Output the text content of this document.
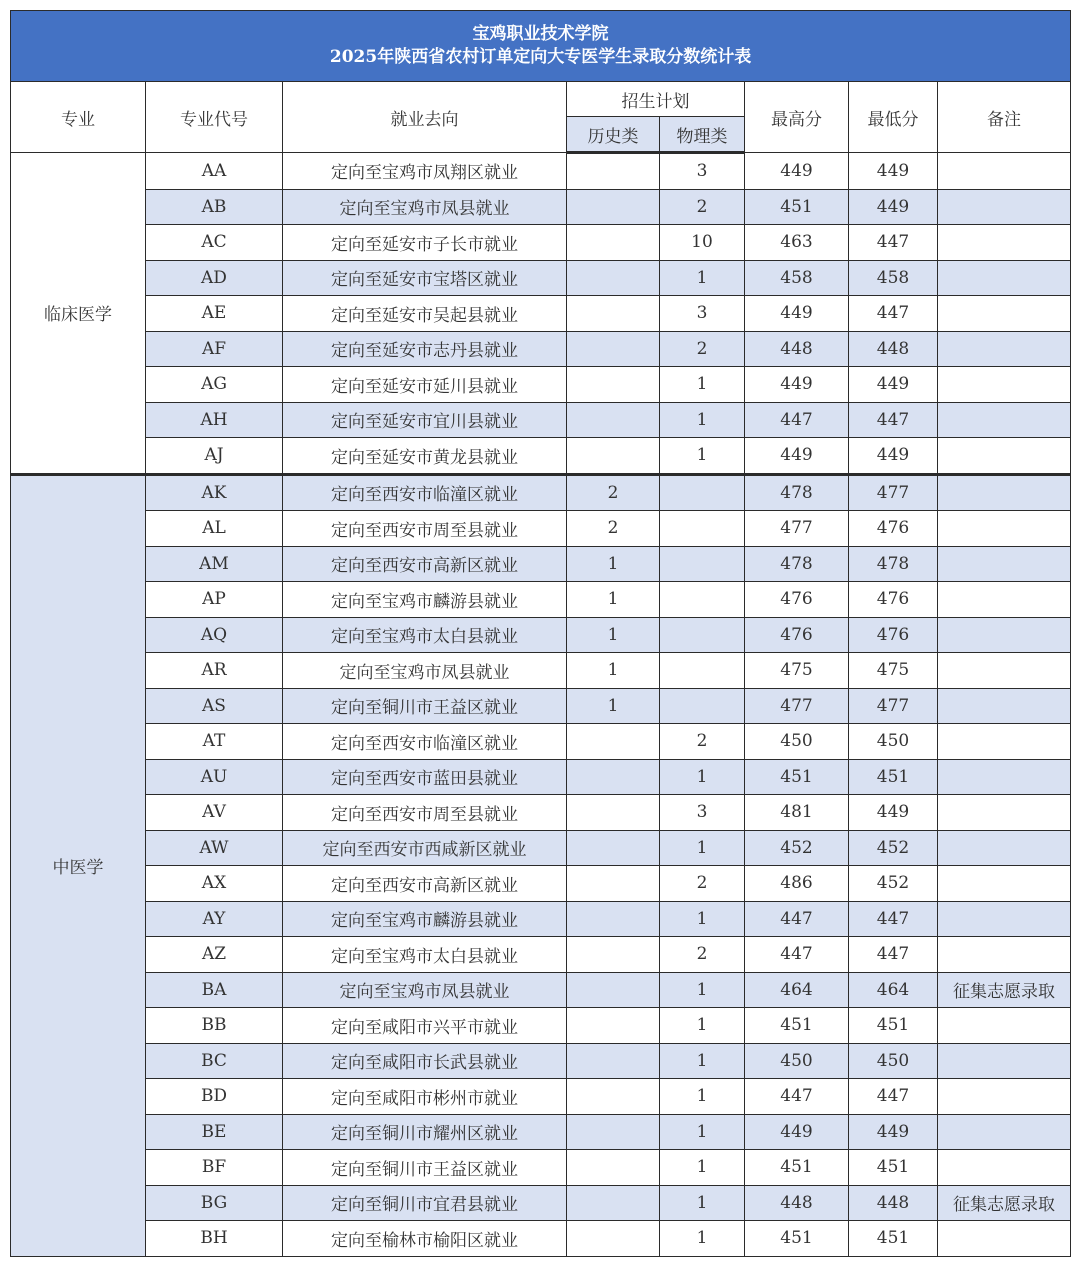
宝鸡职业技术学院
2025年陕西省农村订单定向大专医学生录取分数统计表							

专业	专业代号	就业去向	招生计划		最高分	最低分	备注
			历史类	物理类			
临床医学	AA	定向至宝鸡市凤翔区就业		3	449	449	
	AB	定向至宝鸡市凤县就业		2	451	449	
	AC	定向至延安市子长市就业		10	463	447	
	AD	定向至延安市宝塔区就业		1	458	458	
	AE	定向至延安市吴起县就业		3	449	447	
	AF	定向至延安市志丹县就业		2	448	448	
	AG	定向至延安市延川县就业		1	449	449	
	AH	定向至延安市宜川县就业		1	447	447	
	AJ	定向至延安市黄龙县就业		1	449	449	
中医学	AK	定向至西安市临潼区就业	2		478	477	
	AL	定向至西安市周至县就业	2		477	476	
	AM	定向至西安市高新区就业	1		478	478	
	AP	定向至宝鸡市麟游县就业	1		476	476	
	AQ	定向至宝鸡市太白县就业	1		476	476	
	AR	定向至宝鸡市凤县就业	1		475	475	
	AS	定向至铜川市王益区就业	1		477	477	
	AT	定向至西安市临潼区就业		2	450	450	
	AU	定向至西安市蓝田县就业		1	451	451	
	AV	定向至西安市周至县就业		3	481	449	
	AW	定向至西安市西咸新区就业		1	452	452	
	AX	定向至西安市高新区就业		2	486	452	
	AY	定向至宝鸡市麟游县就业		1	447	447	
	AZ	定向至宝鸡市太白县就业		2	447	447	
	BA	定向至宝鸡市凤县就业		1	464	464	征集志愿录取
	BB	定向至咸阳市兴平市就业		1	451	451	
	BC	定向至咸阳市长武县就业		1	450	450	
	BD	定向至咸阳市彬州市就业		1	447	447	
	BE	定向至铜川市耀州区就业		1	449	449	
	BF	定向至铜川市王益区就业		1	451	451	
	BG	定向至铜川市宜君县就业		1	448	448	征集志愿录取
	BH	定向至榆林市榆阳区就业		1	451	451	
